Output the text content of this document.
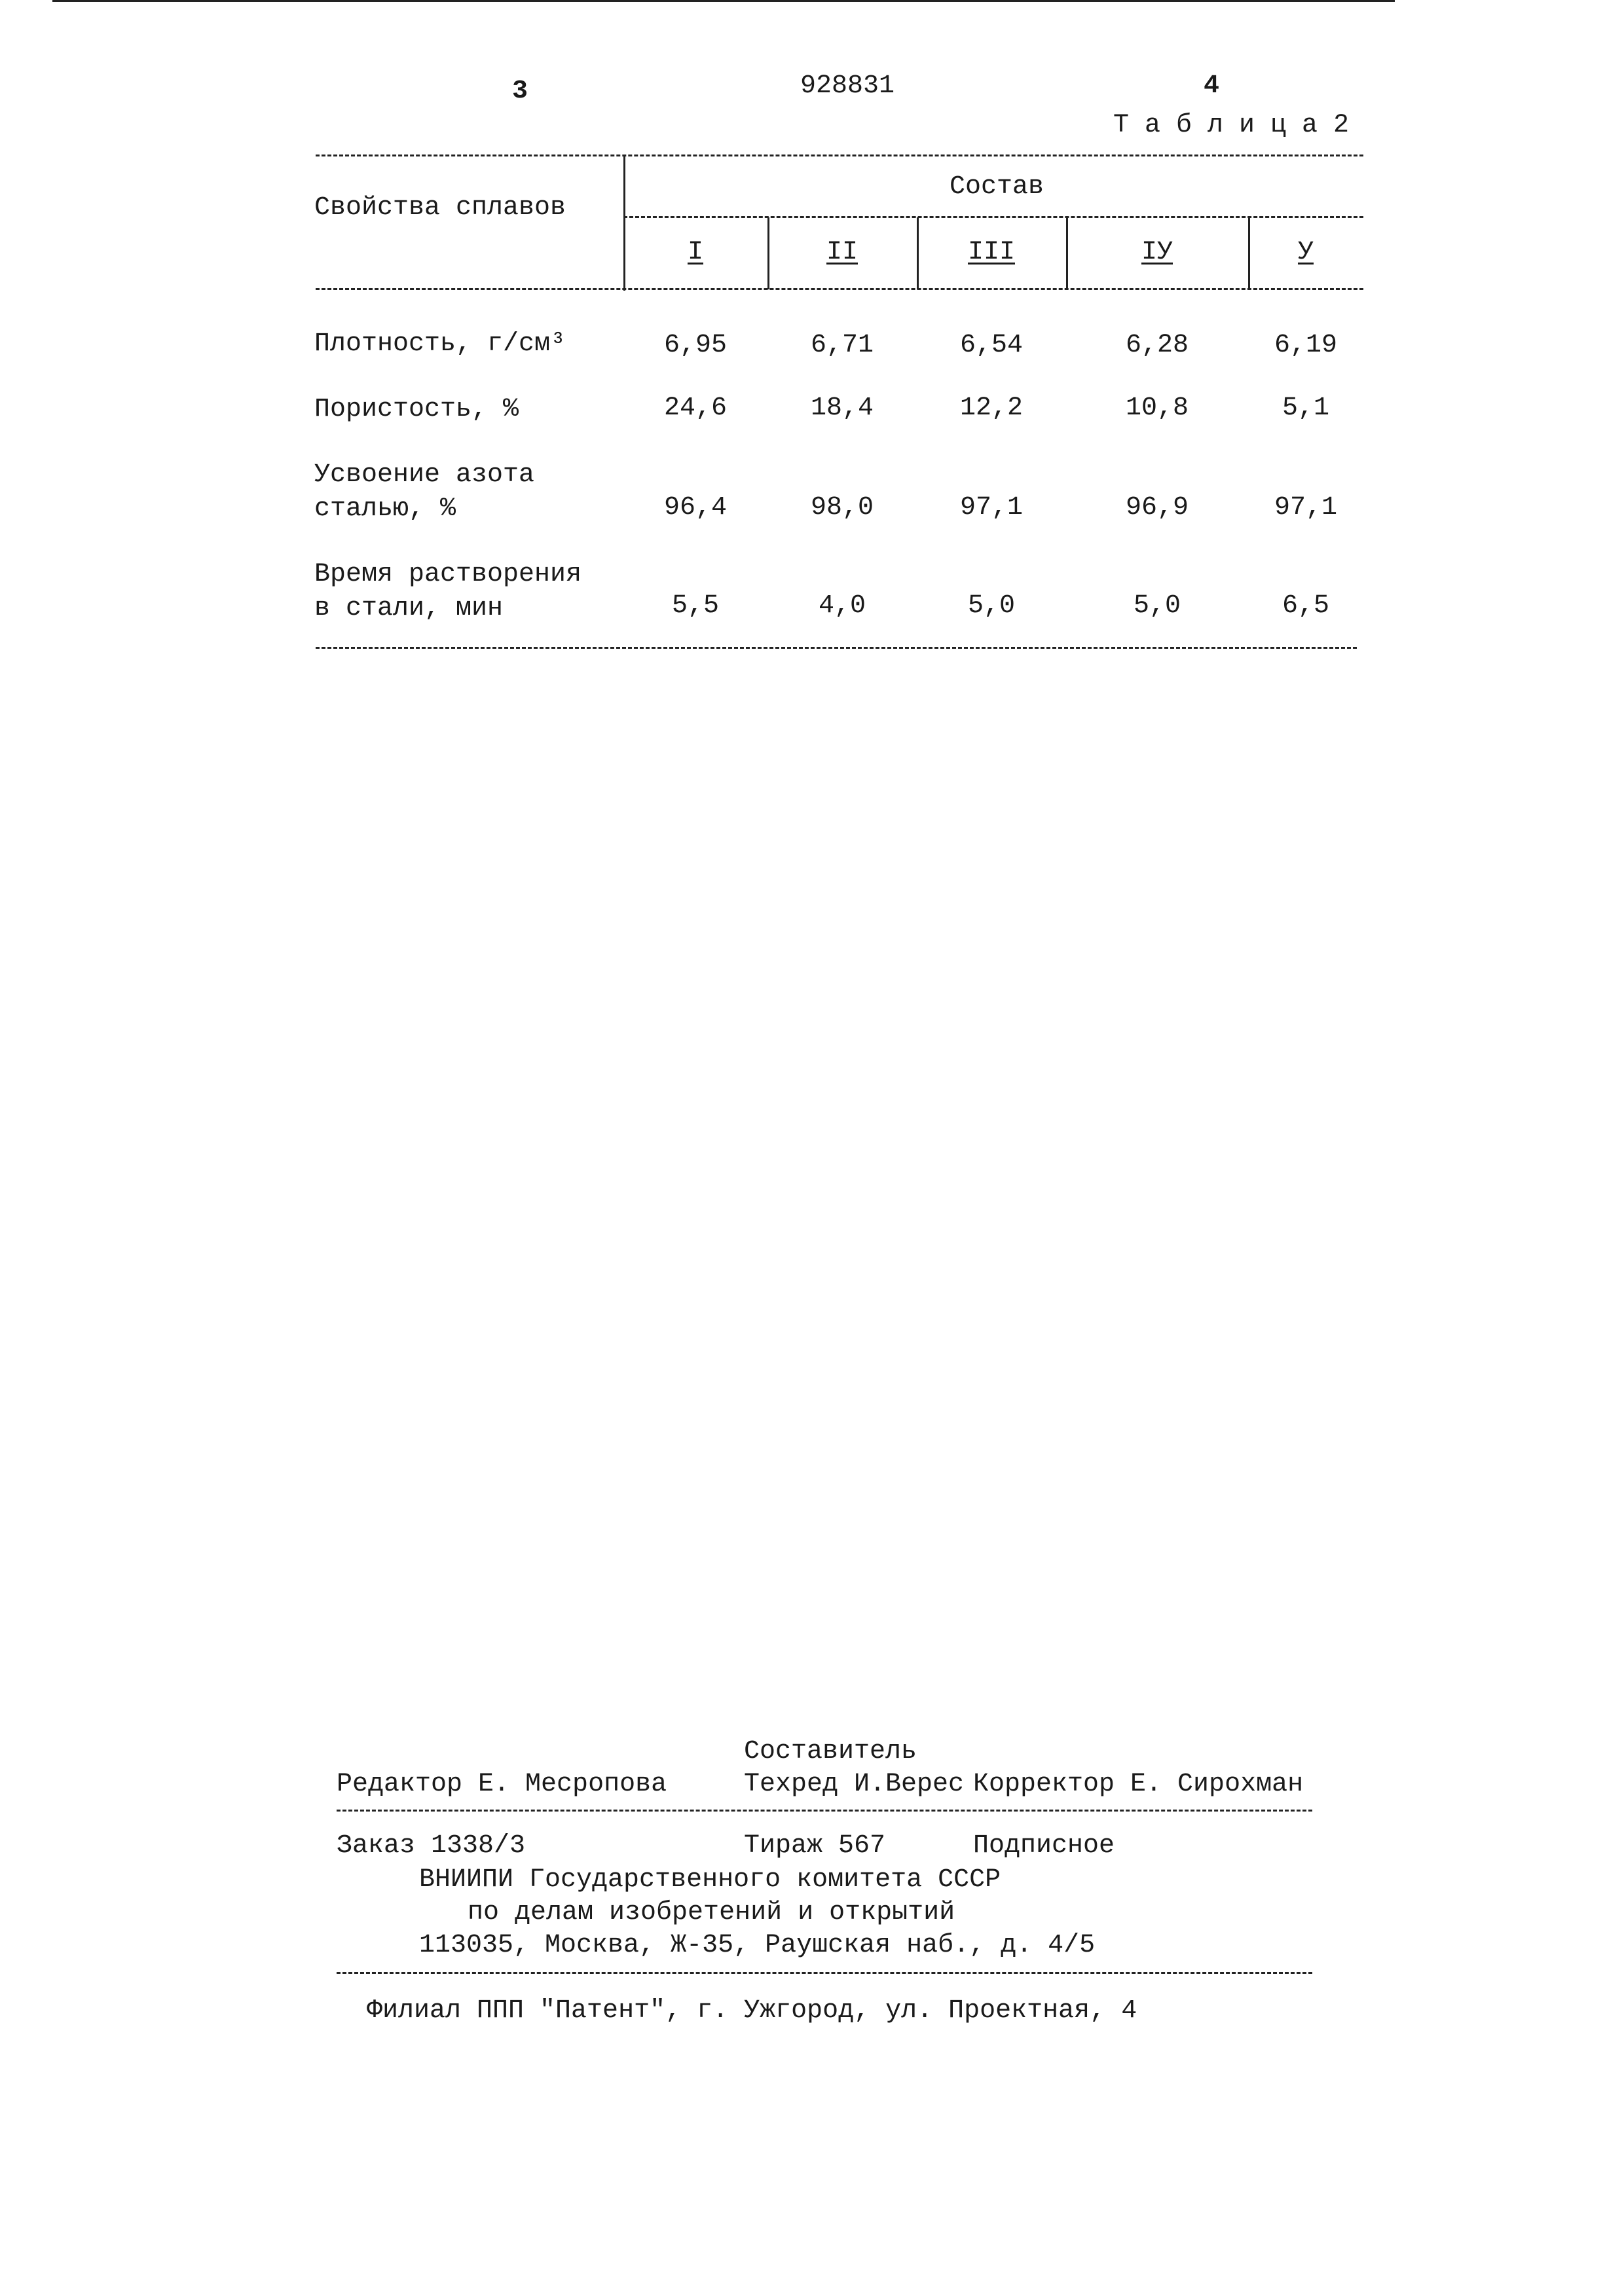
3	928831	4
Т а б л и ц а 2
Свойства сплавов
Состав
I	II	III	IУ	У
Плотность, г/см³	6,95	6,71	6,54	6,28	6,19
Пористость, %	24,6	18,4	12,2	10,8	5,1
Усвоение азота
сталью, %	96,4	98,0	97,1	96,9	97,1
Время растворения
в стали, мин	5,5	4,0	5,0	5,0	6,5
Составитель
Редактор Е. Месропова	Техред И.Верес Корректор Е. Сирохман
Заказ 1338/3	Тираж 567	Подписное
ВНИИПИ Государственного комитета СССР
по делам изобретений и открытий
113035, Москва, Ж-35, Раушская наб., д. 4/5
Филиал ППП "Патент", г. Ужгород, ул. Проектная, 4
